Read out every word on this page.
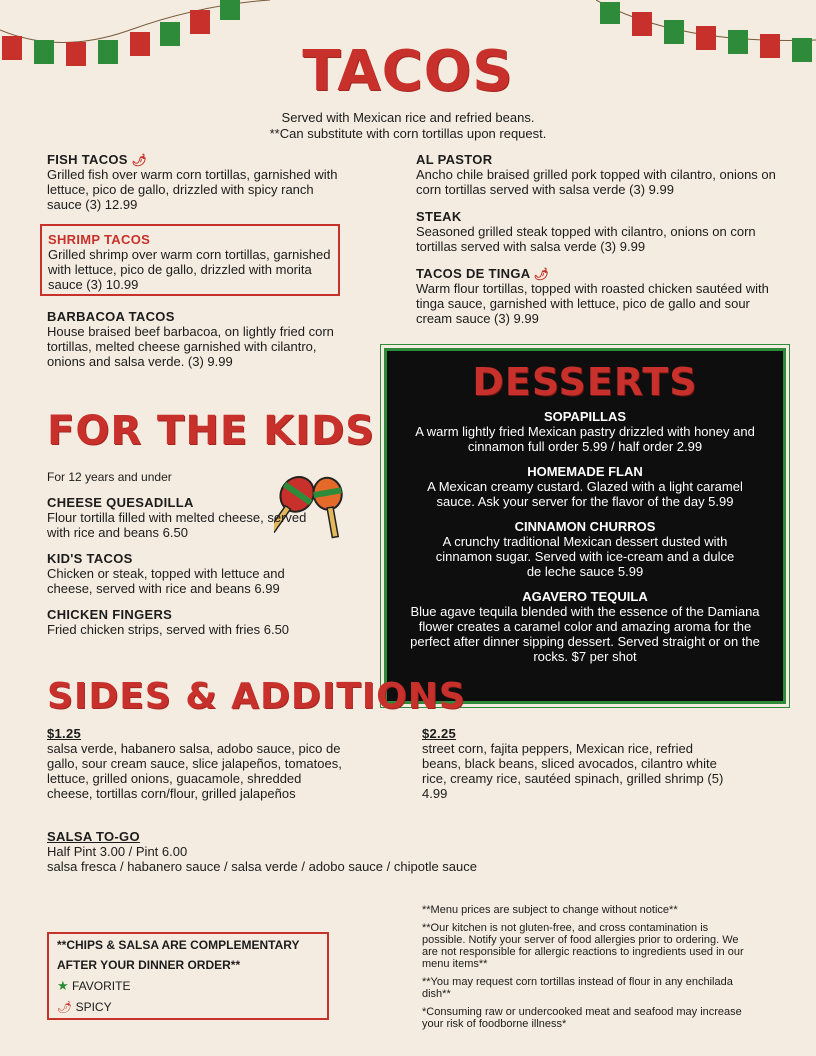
TACOS
Served with Mexican rice and refried beans.
**Can substitute with corn tortillas upon request.
FISH TACOS 🌶
Grilled fish over warm corn tortillas, garnished with lettuce, pico de gallo, drizzled with spicy ranch sauce (3) 12.99
SHRIMP TACOS
Grilled shrimp over warm corn tortillas, garnished with lettuce, pico de gallo, drizzled with morita sauce (3) 10.99
BARBACOA TACOS
House braised beef barbacoa, on lightly fried corn tortillas, melted cheese garnished with cilantro, onions and salsa verde. (3) 9.99
AL PASTOR
Ancho chile braised grilled pork topped with cilantro, onions on corn tortillas served with salsa verde (3) 9.99
STEAK
Seasoned grilled steak topped with cilantro, onions on corn tortillas served with salsa verde (3) 9.99
TACOS DE TINGA 🌶
Warm flour tortillas, topped with roasted chicken sautéed with tinga sauce, garnished with lettuce, pico de gallo and sour cream sauce (3) 9.99
FOR THE KIDS
For 12 years and under
CHEESE QUESADILLA
Flour tortilla filled with melted cheese, served with rice and beans 6.50
KID'S TACOS
Chicken or steak, topped with lettuce and cheese, served with rice and beans 6.99
CHICKEN FINGERS
Fried chicken strips, served with fries 6.50
DESSERTS
SOPAPILLAS
A warm lightly fried Mexican pastry drizzled with honey and cinnamon full order 5.99 / half order 2.99
HOMEMADE FLAN
A Mexican creamy custard. Glazed with a light caramel sauce. Ask your server for the flavor of the day 5.99
CINNAMON CHURROS
A crunchy traditional Mexican dessert dusted with cinnamon sugar. Served with ice-cream and a dulce de leche sauce 5.99
AGAVERO TEQUILA
Blue agave tequila blended with the essence of the Damiana flower creates a caramel color and amazing aroma for the perfect after dinner sipping dessert. Served straight or on the rocks. $7 per shot
SIDES & ADDITIONS
$1.25
salsa verde, habanero salsa, adobo sauce, pico de gallo, sour cream sauce, slice jalapeños, tomatoes, lettuce, grilled onions, guacamole, shredded cheese, tortillas corn/flour, grilled jalapeños
$2.25
street corn, fajita peppers, Mexican rice, refried beans, black beans, sliced avocados, cilantro white rice, creamy rice, sautéed spinach, grilled shrimp (5) 4.99
SALSA TO-GO
Half Pint 3.00 / Pint 6.00
salsa fresca / habanero sauce / salsa verde / adobo sauce / chipotle sauce
**CHIPS & SALSA ARE COMPLEMENTARY
AFTER YOUR DINNER ORDER**
★ FAVORITE
🌶 SPICY
**Menu prices are subject to change without notice**
**Our kitchen is not gluten-free, and cross contamination is possible. Notify your server of food allergies prior to ordering. We are not responsible for allergic reactions to ingredients used in our menu items**
**You may request corn tortillas instead of flour in any enchilada dish**
*Consuming raw or undercooked meat and seafood may increase your risk of foodborne illness*
